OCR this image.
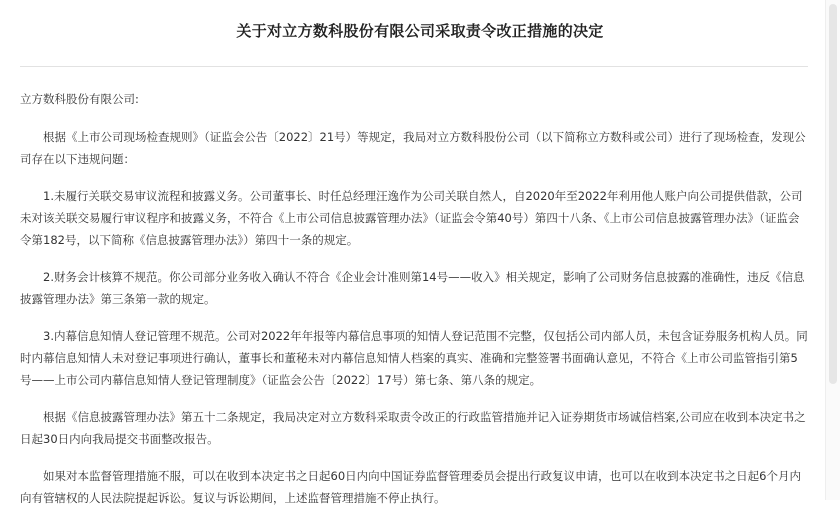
关于对立方数科股份有限公司采取责令改正措施的决定

立方数科股份有限公司:

根据《上市公司现场检查规则》（证监会公告〔2022〕21号）等规定，我局对立方数科股份公司（以下简称立方数科或公司）进行了现场检查，发现公司存在以下违规问题：

1.未履行关联交易审议流程和披露义务。公司董事长、时任总经理汪逸作为公司关联自然人，自2020年至2022年利用他人账户向公司提供借款，公司未对该关联交易履行审议程序和披露义务，不符合《上市公司信息披露管理办法》（证监会令第40号）第四十八条、《上市公司信息披露管理办法》（证监会令第182号，以下简称《信息披露管理办法》）第四十一条的规定。

2.财务会计核算不规范。你公司部分业务收入确认不符合《企业会计准则第14号——收入》相关规定，影响了公司财务信息披露的准确性，违反《信息披露管理办法》第三条第一款的规定。

3.内幕信息知情人登记管理不规范。公司对2022年年报等内幕信息事项的知情人登记范围不完整，仅包括公司内部人员，未包含证券服务机构人员。同时内幕信息知情人未对登记事项进行确认，董事长和董秘未对内幕信息知情人档案的真实、准确和完整签署书面确认意见，不符合《上市公司监管指引第5号——上市公司内幕信息知情人登记管理制度》（证监会公告〔2022〕17号）第七条、第八条的规定。

根据《信息披露管理办法》第五十二条规定，我局决定对立方数科采取责令改正的行政监管措施并记入证券期货市场诚信档案,公司应在收到本决定书之日起30日内向我局提交书面整改报告。

如果对本监督管理措施不服，可以在收到本决定书之日起60日内向中国证券监督管理委员会提出行政复议申请，也可以在收到本决定书之日起6个月内向有管辖权的人民法院提起诉讼。复议与诉讼期间，上述监督管理措施不停止执行。
